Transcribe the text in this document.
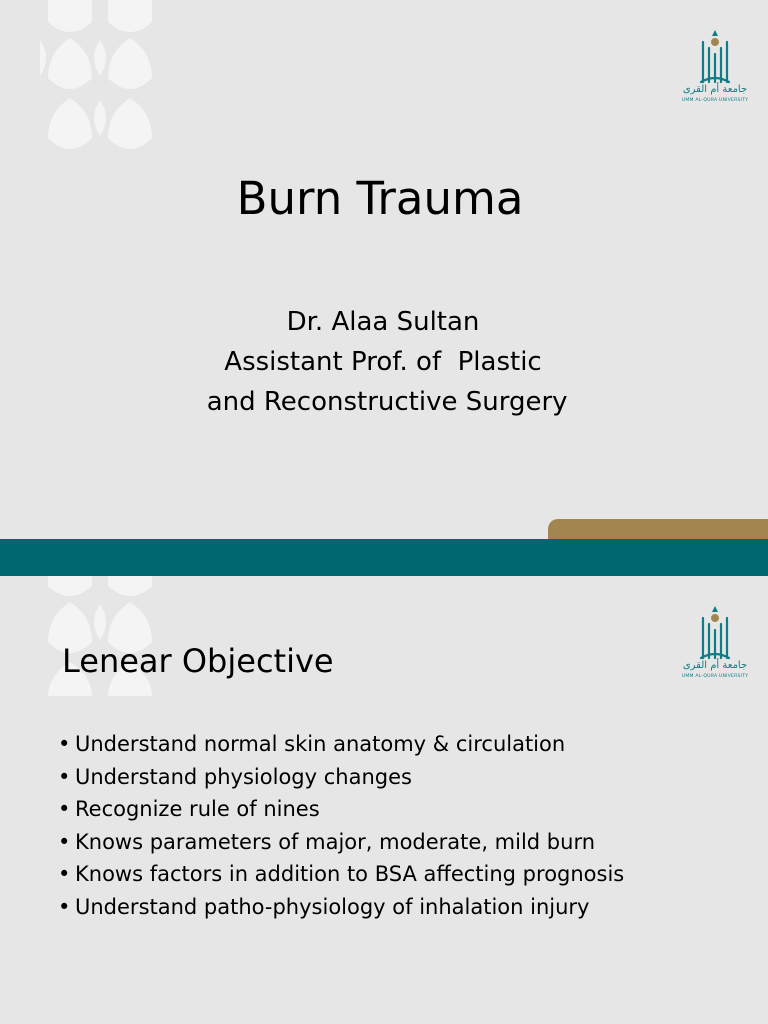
جامعة أم القرى
UMM AL-QURA UNIVERSITY
Burn Trauma
Dr. Alaa Sultan
Assistant Prof. of  Plastic
and Reconstructive Surgery
جامعة أم القرى
UMM AL-QURA UNIVERSITY
Lenear Objective
• Understand normal skin anatomy & circulation
• Understand physiology changes
• Recognize rule of nines
• Knows parameters of major, moderate, mild burn
• Knows factors in addition to BSA affecting prognosis
• Understand patho-physiology of inhalation injury
